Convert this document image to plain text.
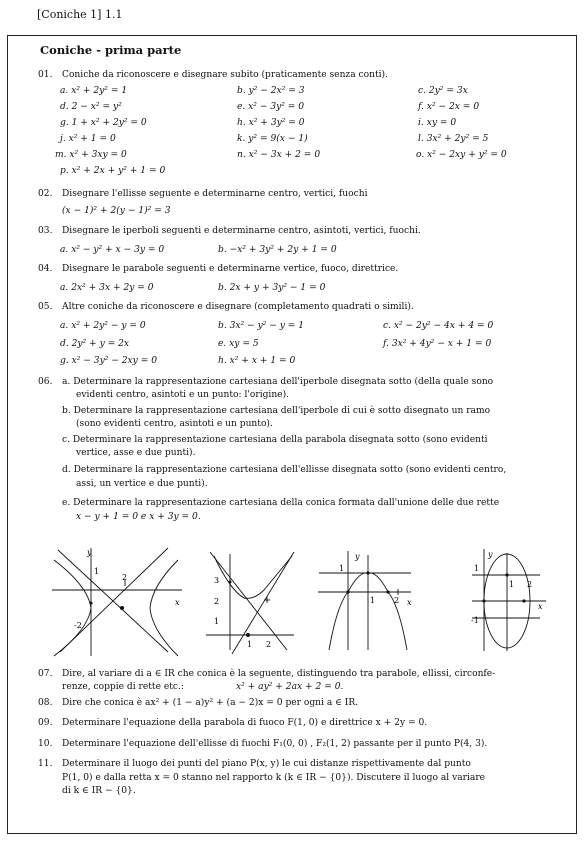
[Coniche 1] 1.1
Coniche - prima parte
01. Coniche da riconoscere e disegnare subito (praticamente senza conti).
a. x² + 2y² = 1	b. y² − 2x² = 3	c. 2y² = 3x
d. 2 − x² = y²	e. x² − 3y² = 0	f. x² − 2x = 0
g. 1 + x² + 2y² = 0	h. x² + 3y² = 0	i. xy = 0
j. x² + 1 = 0	k. y² = 9(x − 1)	l. 3x² + 2y² = 5
m. x² + 3xy = 0	n. x² − 3x + 2 = 0	o. x² − 2xy + y² = 0
p. x² + 2x + y² + 1 = 0
02. Disegnare l'ellisse seguente e determinarne centro, vertici, fuochi
(x − 1)² + 2(y − 1)² = 3
03. Disegnare le iperboli seguenti e determinarne centro, asintoti, vertici, fuochi.
a. x² − y² + x − 3y = 0	b. −x² + 3y² + 2y + 1 = 0
04. Disegnare le parabole seguenti e determinarne vertice, fuoco, direttrice.
a. 2x² + 3x + 2y = 0	b. 2x + y + 3y² − 1 = 0
05. Altre coniche da riconoscere e disegnare (completamento quadrati o simili).
a. x² + 2y² − y = 0	b. 3x² − y² − y = 1	c. x² − 2y² − 4x + 4 = 0
d. 2y² + y = 2x	e. xy = 5	f. 3x² + 4y² − x + 1 = 0
g. x² − 3y² − 2xy = 0	h. x² + x + 1 = 0
06. a. Determinare la rappresentazione cartesiana dell'iperbole disegnata sotto (della quale sono
evidenti centro, asintoti e un punto: l'origine).
b. Determinare la rappresentazione cartesiana dell'iperbole di cui è sotto disegnato un ramo
(sono evidenti centro, asintoti e un punto).
c. Determinare la rappresentazione cartesiana della parabola disegnata sotto (sono evidenti
vertice, asse e due punti).
d. Determinare la rappresentazione cartesiana dell'ellisse disegnata sotto (sono evidenti centro,
assi, un vertice e due punti).
e. Determinare la rappresentazione cartesiana della conica formata dall'unione delle due rette
x − y + 1 = 0 e x + 3y = 0.
y
x
1
2
-2
3
2
1
1 2
y
x
1
1 2
y
x
1
-1
1 2
07. Dire, al variare di a ∈ IR che conica è la seguente, distinguendo tra parabole, ellissi, circonfe-
renze, coppie di rette etc.:	x² + ay² + 2ax + 2 = 0.
08. Dire che conica è ax² + (1 − a)y² + (a − 2)x = 0 per ogni a ∈ IR.
09. Determinare l'equazione della parabola di fuoco F(1, 0) e direttrice x + 2y = 0.
10. Determinare l'equazione dell'ellisse di fuochi F₁(0, 0) , F₂(1, 2) passante per il punto P(4, 3).
11. Determinare il luogo dei punti del piano P(x, y) le cui distanze rispettivamente dal punto
P(1, 0) e dalla retta x = 0 stanno nel rapporto k (k ∈ IR − {0}). Discutere il luogo al variare
di k ∈ IR − {0}.
